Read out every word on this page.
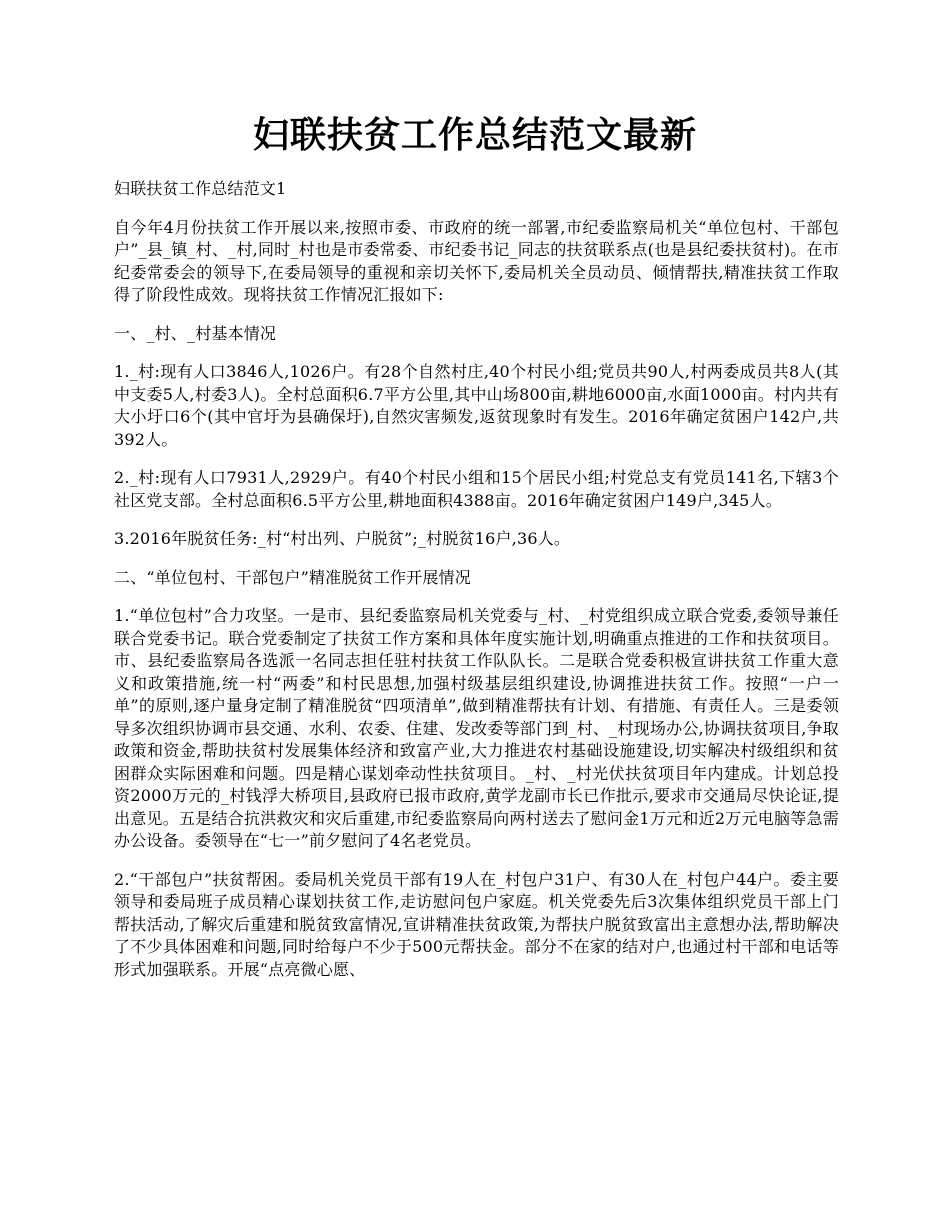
妇联扶贫工作总结范文最新

妇联扶贫工作总结范文1

自今年4月份扶贫工作开展以来,按照市委、市政府的统一部署,市纪委监察局机关“单位包村、干部包户”_县_镇_村、_村,同时_村也是市委常委、市纪委书记_同志的扶贫联系点(也是县纪委扶贫村)。在市纪委常委会的领导下,在委局领导的重视和亲切关怀下,委局机关全员动员、倾情帮扶,精准扶贫工作取得了阶段性成效。现将扶贫工作情况汇报如下:

一、_村、_村基本情况

1._村:现有人口3846人,1026户。有28个自然村庄,40个村民小组;党员共90人,村两委成员共8人(其中支委5人,村委3人)。全村总面积6.7平方公里,其中山场800亩,耕地6000亩,水面1000亩。村内共有大小圩口6个(其中官圩为县确保圩),自然灾害频发,返贫现象时有发生。2016年确定贫困户142户,共392人。

2._村:现有人口7931人,2929户。有40个村民小组和15个居民小组;村党总支有党员141名,下辖3个社区党支部。全村总面积6.5平方公里,耕地面积4388亩。2016年确定贫困户149户,345人。

3.2016年脱贫任务:_村“村出列、户脱贫”;_村脱贫16户,36人。

二、“单位包村、干部包户”精准脱贫工作开展情况

1.“单位包村”合力攻坚。一是市、县纪委监察局机关党委与_村、_村党组织成立联合党委,委领导兼任联合党委书记。联合党委制定了扶贫工作方案和具体年度实施计划,明确重点推进的工作和扶贫项目。市、县纪委监察局各选派一名同志担任驻村扶贫工作队队长。二是联合党委积极宣讲扶贫工作重大意义和政策措施,统一村“两委”和村民思想,加强村级基层组织建设,协调推进扶贫工作。按照“一户一单”的原则,逐户量身定制了精准脱贫“四项清单”,做到精准帮扶有计划、有措施、有责任人。三是委领导多次组织协调市县交通、水利、农委、住建、发改委等部门到_村、_村现场办公,协调扶贫项目,争取政策和资金,帮助扶贫村发展集体经济和致富产业,大力推进农村基础设施建设,切实解决村级组织和贫困群众实际困难和问题。四是精心谋划牵动性扶贫项目。_村、_村光伏扶贫项目年内建成。计划总投资2000万元的_村钱浮大桥项目,县政府已报市政府,黄学龙副市长已作批示,要求市交通局尽快论证,提出意见。五是结合抗洪救灾和灾后重建,市纪委监察局向两村送去了慰问金1万元和近2万元电脑等急需办公设备。委领导在“七一”前夕慰问了4名老党员。

2.“干部包户”扶贫帮困。委局机关党员干部有19人在_村包户31户、有30人在_村包户44户。委主要领导和委局班子成员精心谋划扶贫工作,走访慰问包户家庭。机关党委先后3次集体组织党员干部上门帮扶活动,了解灾后重建和脱贫致富情况,宣讲精准扶贫政策,为帮扶户脱贫致富出主意想办法,帮助解决了不少具体困难和问题,同时给每户不少于500元帮扶金。部分不在家的结对户,也通过村干部和电话等形式加强联系。开展“点亮微心愿、
